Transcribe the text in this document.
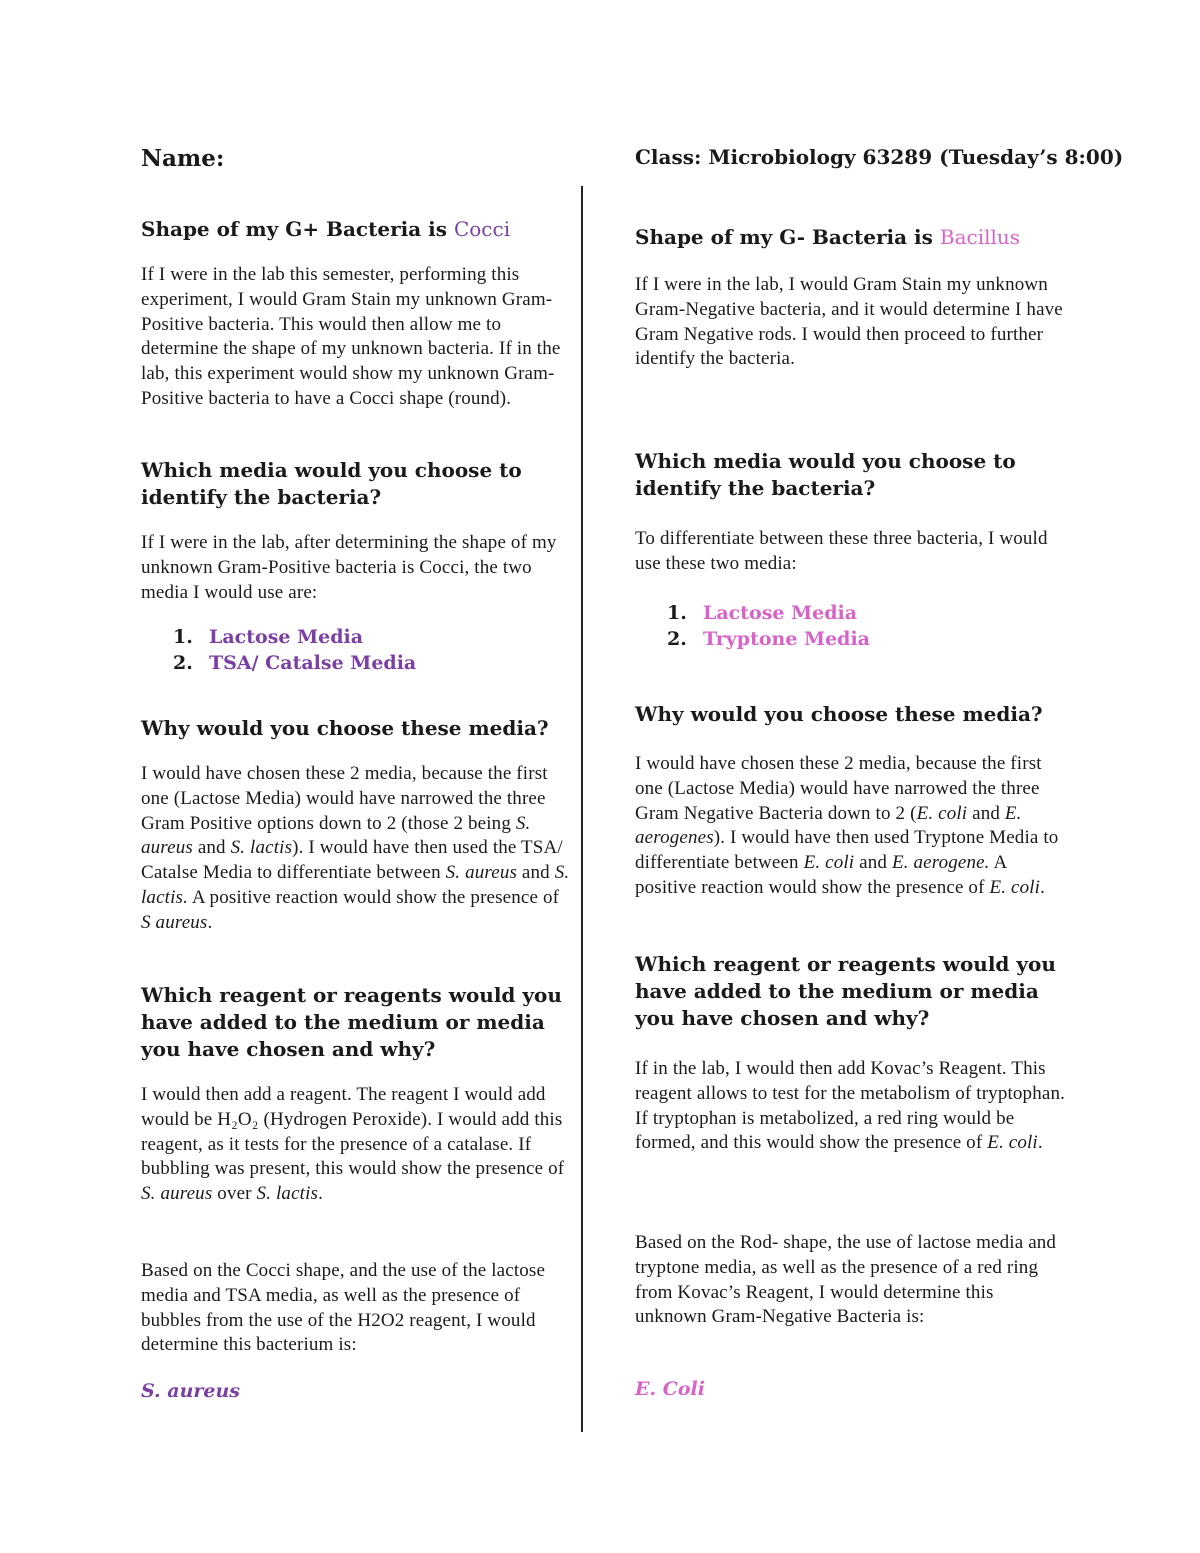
Name:	Class: Microbiology 63289 (Tuesday’s 8:00)

Shape of my G+ Bacteria is Cocci

If I were in the lab this semester, performing this experiment, I would Gram Stain my unknown Gram-Positive bacteria. This would then allow me to determine the shape of my unknown bacteria. If in the lab, this experiment would show my unknown Gram-Positive bacteria to have a Cocci shape (round).

Which media would you choose to identify the bacteria?

If I were in the lab, after determining the shape of my unknown Gram-Positive bacteria is Cocci, the two media I would use are:

1. Lactose Media
2. TSA/ Catalse Media

Why would you choose these media?

I would have chosen these 2 media, because the first one (Lactose Media) would have narrowed the three Gram Positive options down to 2 (those 2 being S. aureus and S. lactis). I would have then used the TSA/ Catalse Media to differentiate between S. aureus and S. lactis. A positive reaction would show the presence of S aureus.

Which reagent or reagents would you have added to the medium or media you have chosen and why?

I would then add a reagent. The reagent I would add would be H₂O₂ (Hydrogen Peroxide). I would add this reagent, as it tests for the presence of a catalase. If bubbling was present, this would show the presence of S. aureus over S. lactis.

Based on the Cocci shape, and the use of the lactose media and TSA media, as well as the presence of bubbles from the use of the H2O2 reagent, I would determine this bacterium is:

S. aureus

Shape of my G- Bacteria is Bacillus

If I were in the lab, I would Gram Stain my unknown Gram-Negative bacteria, and it would determine I have Gram Negative rods. I would then proceed to further identify the bacteria.

Which media would you choose to identify the bacteria?

To differentiate between these three bacteria, I would use these two media:

1. Lactose Media
2. Tryptone Media

Why would you choose these media?

I would have chosen these 2 media, because the first one (Lactose Media) would have narrowed the three Gram Negative Bacteria down to 2 (E. coli and E. aerogenes). I would have then used Tryptone Media to differentiate between E. coli and E. aerogene. A positive reaction would show the presence of E. coli.

Which reagent or reagents would you have added to the medium or media you have chosen and why?

If in the lab, I would then add Kovac’s Reagent. This reagent allows to test for the metabolism of tryptophan. If tryptophan is metabolized, a red ring would be formed, and this would show the presence of E. coli.

Based on the Rod- shape, the use of lactose media and tryptone media, as well as the presence of a red ring from Kovac’s Reagent, I would determine this unknown Gram-Negative Bacteria is:

E. Coli
